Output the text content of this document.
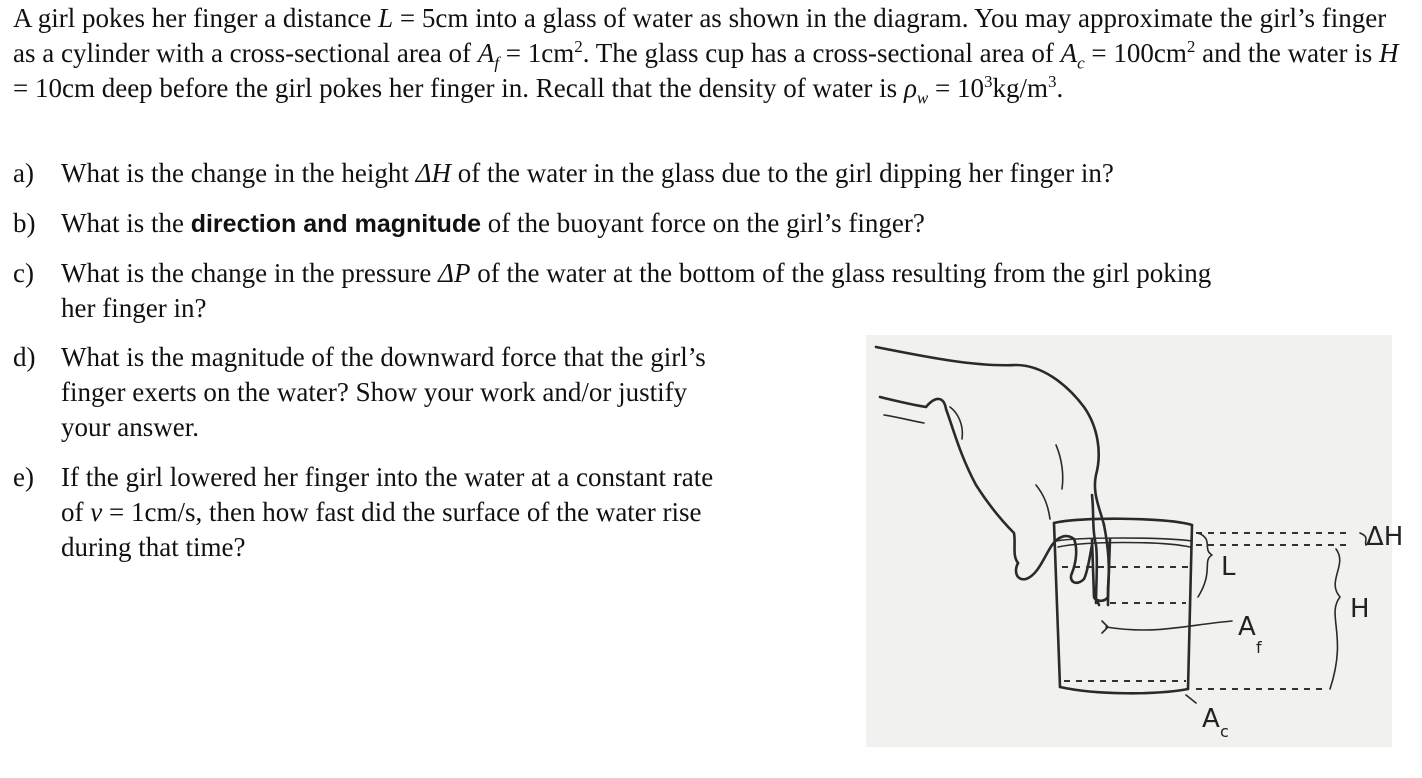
A girl pokes her finger a distance L = 5cm into a glass of water as shown in the diagram. You may approximate the girl’s finger as a cylinder with a cross-sectional area of $A_f = 1cm^2$. The glass cup has a cross-sectional area of $A_c = 100cm^2$ and the water is H = 10cm deep before the girl pokes her finger in. Recall that the density of water is $\rho_w = 10^3kg/m^3$.
a) What is the change in the height ΔH of the water in the glass due to the girl dipping her finger in?
b) What is the direction and magnitude of the buoyant force on the girl’s finger?
c) What is the change in the pressure ΔP of the water at the bottom of the glass resulting from the girl poking
her finger in?
d) What is the magnitude of the downward force that the girl’s
finger exerts on the water? Show your work and/or justify
your answer.
e) If the girl lowered her finger into the water at a constant rate
of v = 1cm/s, then how fast did the surface of the water rise
during that time?
L
ΔH
H
A
f
A c
